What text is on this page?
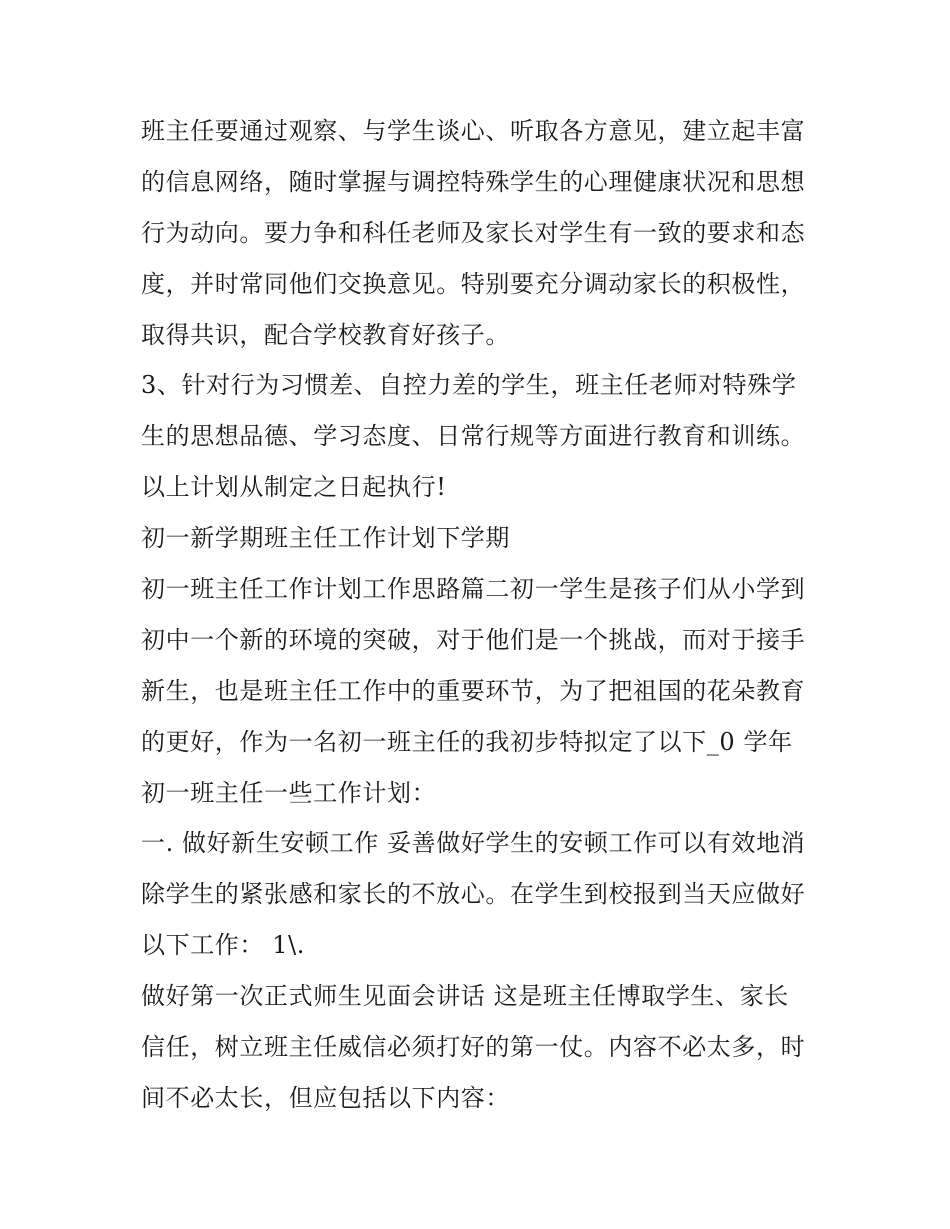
班主任要通过观察、与学生谈心、听取各方意见，建立起丰富
的信息网络，随时掌握与调控特殊学生的心理健康状况和思想
行为动向。要力争和科任老师及家长对学生有一致的要求和态
度，并时常同他们交换意见。特别要充分调动家长的积极性，
取得共识，配合学校教育好孩子。
3、针对行为习惯差、自控力差的学生，班主任老师对特殊学
生的思想品德、学习态度、日常行规等方面进行教育和训练。
以上计划从制定之日起执行!
初一新学期班主任工作计划下学期
初一班主任工作计划工作思路篇二初一学生是孩子们从小学到
初中一个新的环境的突破，对于他们是一个挑战，而对于接手
新生，也是班主任工作中的重要环节，为了把祖国的花朵教育
的更好，作为一名初一班主任的我初步特拟定了以下_0 学年
初一班主任一些工作计划：
一. 做好新生安顿工作 妥善做好学生的安顿工作可以有效地消
除学生的紧张感和家长的不放心。在学生到校报到当天应做好
以下工作： 1\.
做好第一次正式师生见面会讲话 这是班主任博取学生、家长
信任，树立班主任威信必须打好的第一仗。内容不必太多，时
间不必太长，但应包括以下内容：
